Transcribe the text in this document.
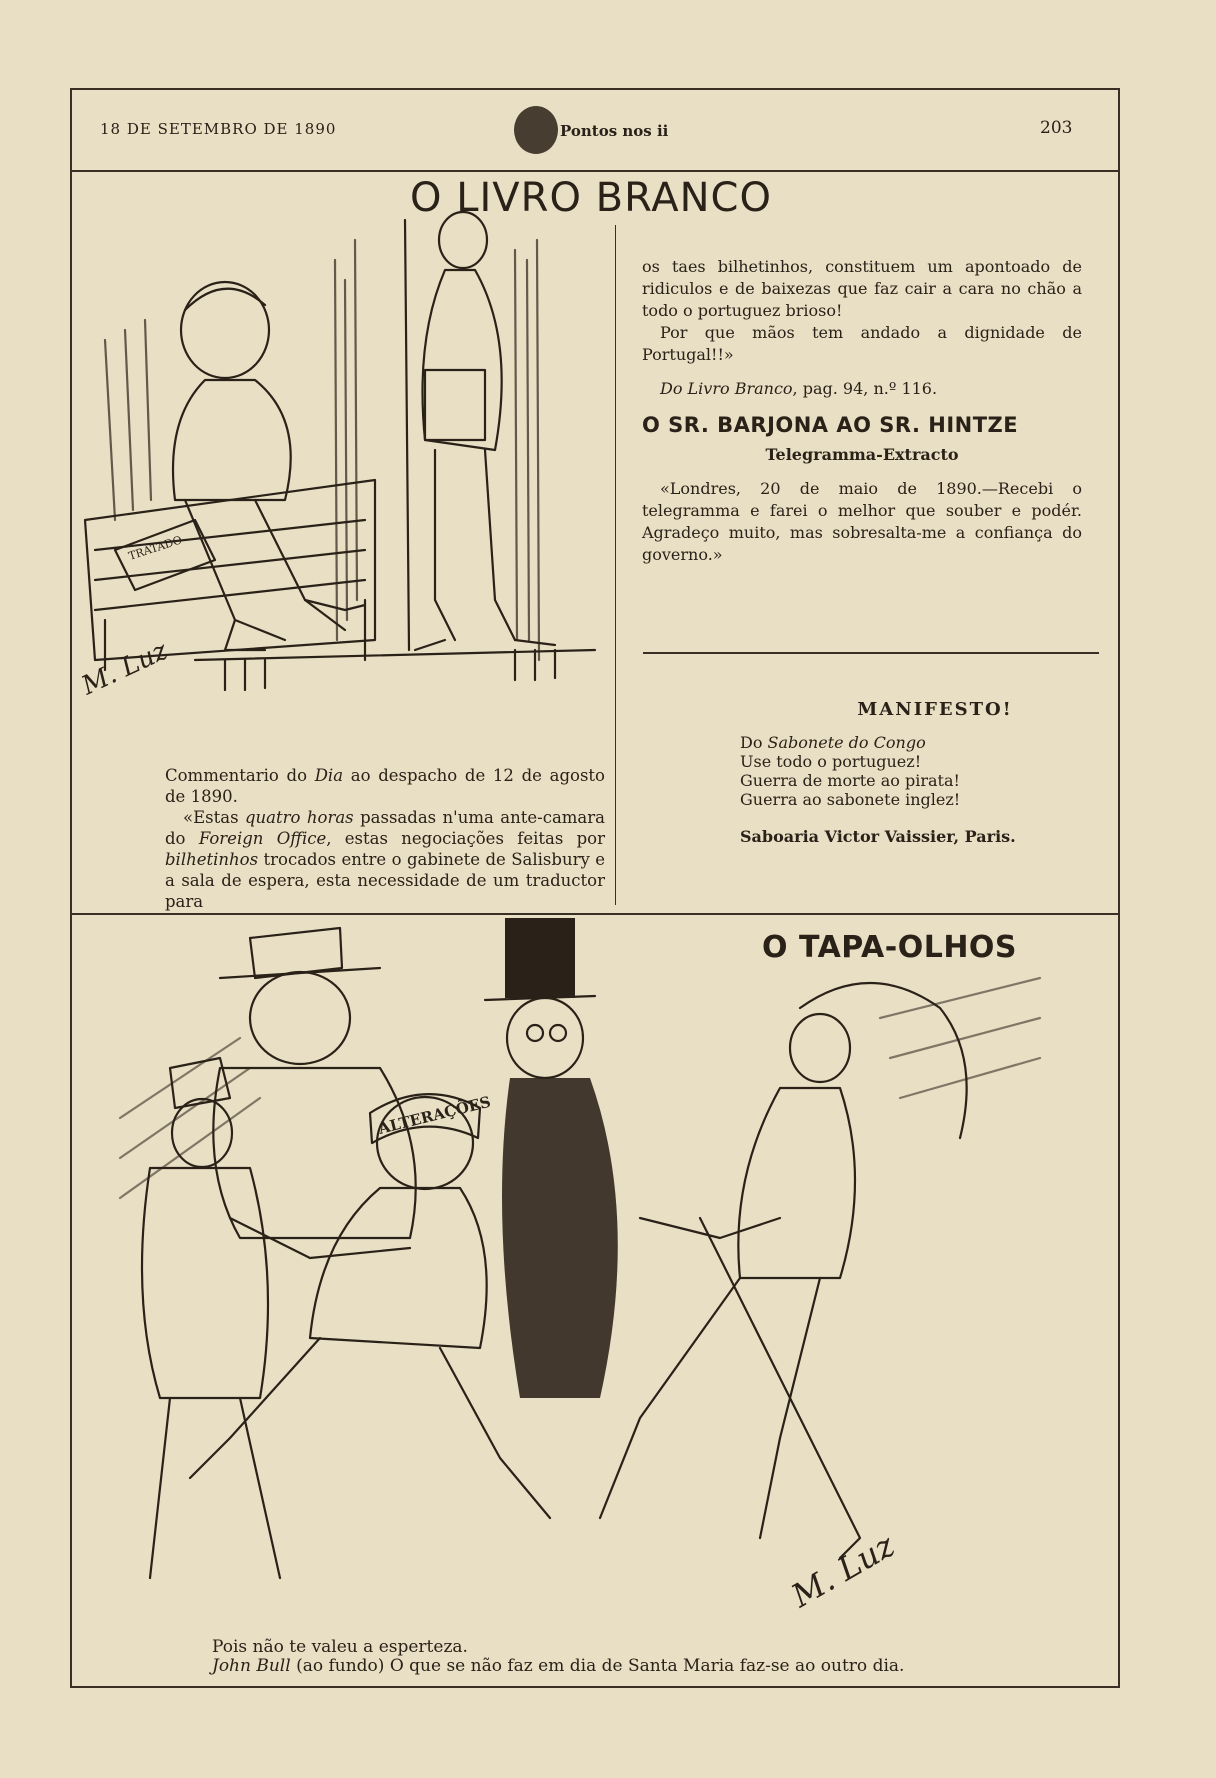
18 DE SETEMBRO DE 1890	Pontos nos ii	203
O LIVRO BRANCO
TRATADO
M. Luz

os taes bilhetinhos, constituem um apontoado de ridiculos e de baixezas que faz cair a cara no chão a todo o portuguez brioso!

Por que mãos tem andado a dignidade de Portugal!!»

Do Livro Branco, pag. 94, n.º 116.

O SR. BARJONA AO SR. HINTZE

Telegramma-Extracto

«Londres, 20 de maio de 1890.—Recebi o telegramma e farei o melhor que souber e podér. Agradeço muito, mas sobresalta-me a confiança do governo.»

MANIFESTO!

Do Sabonete do Congo

Use todo o portuguez!

Guerra de morte ao pirata!

Guerra ao sabonete inglez!

Saboaria Victor Vaissier, Paris.

Commentario do Dia ao despacho de 12 de agosto de 1890.

«Estas quatro horas passadas n'uma ante-camara do Foreign Office, estas negociações feitas por bilhetinhos trocados entre o gabinete de Salisbury e a sala de espera, esta necessidade de um traductor para

O TAPA-OLHOS
ALTERAÇÕES
M. Luz

Pois não te valeu a esperteza.

John Bull (ao fundo) O que se não faz em dia de Santa Maria faz-se ao outro dia.
